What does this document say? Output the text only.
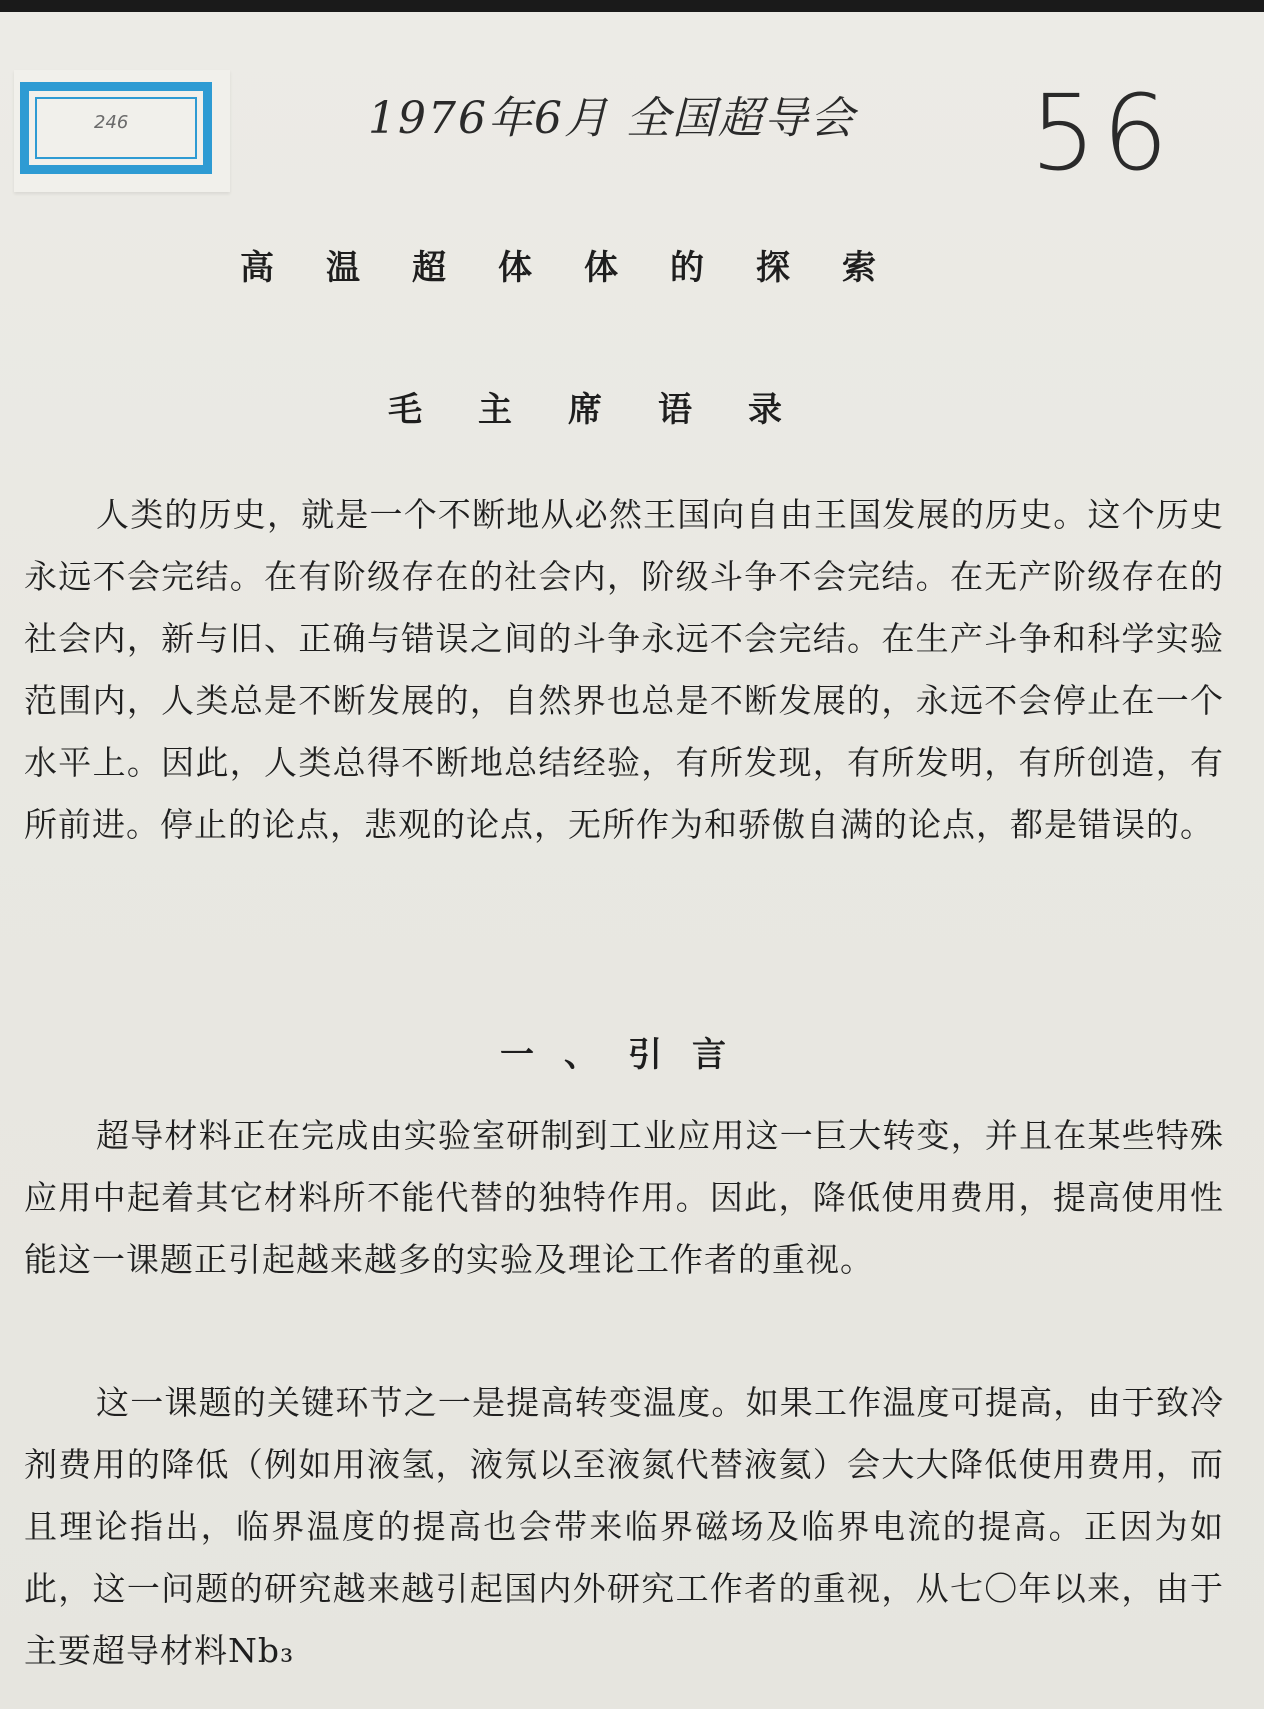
246	1976年6月 全国超导会 56
高温超体体的探索
毛主席语录

人类的历史，就是一个不断地从必然王国向自由王国发展的历史。这个历史永远不会完结。在有阶级存在的社会内，阶级斗争不会完结。在无产阶级存在的社会内，新与旧、正确与错误之间的斗争永远不会完结。在生产斗争和科学实验范围内，人类总是不断发展的，自然界也总是不断发展的，永远不会停止在一个水平上。因此，人类总得不断地总结经验，有所发现，有所发明，有所创造，有所前进。停止的论点，悲观的论点，无所作为和骄傲自满的论点，都是错误的。

一、引言

超导材料正在完成由实验室研制到工业应用这一巨大转变，并且在某些特殊应用中起着其它材料所不能代替的独特作用。因此，降低使用费用，提高使用性能这一课题正引起越来越多的实验及理论工作者的重视。

这一课题的关键环节之一是提高转变温度。如果工作温度可提高，由于致冷剂费用的降低（例如用液氢，液氖以至液氮代替液氦）会大大降低使用费用，而且理论指出，临界温度的提高也会带来临界磁场及临界电流的提高。正因为如此，这一问题的研究越来越引起国内外研究工作者的重视，从七〇年以来，由于主要超导材料Nb₃
